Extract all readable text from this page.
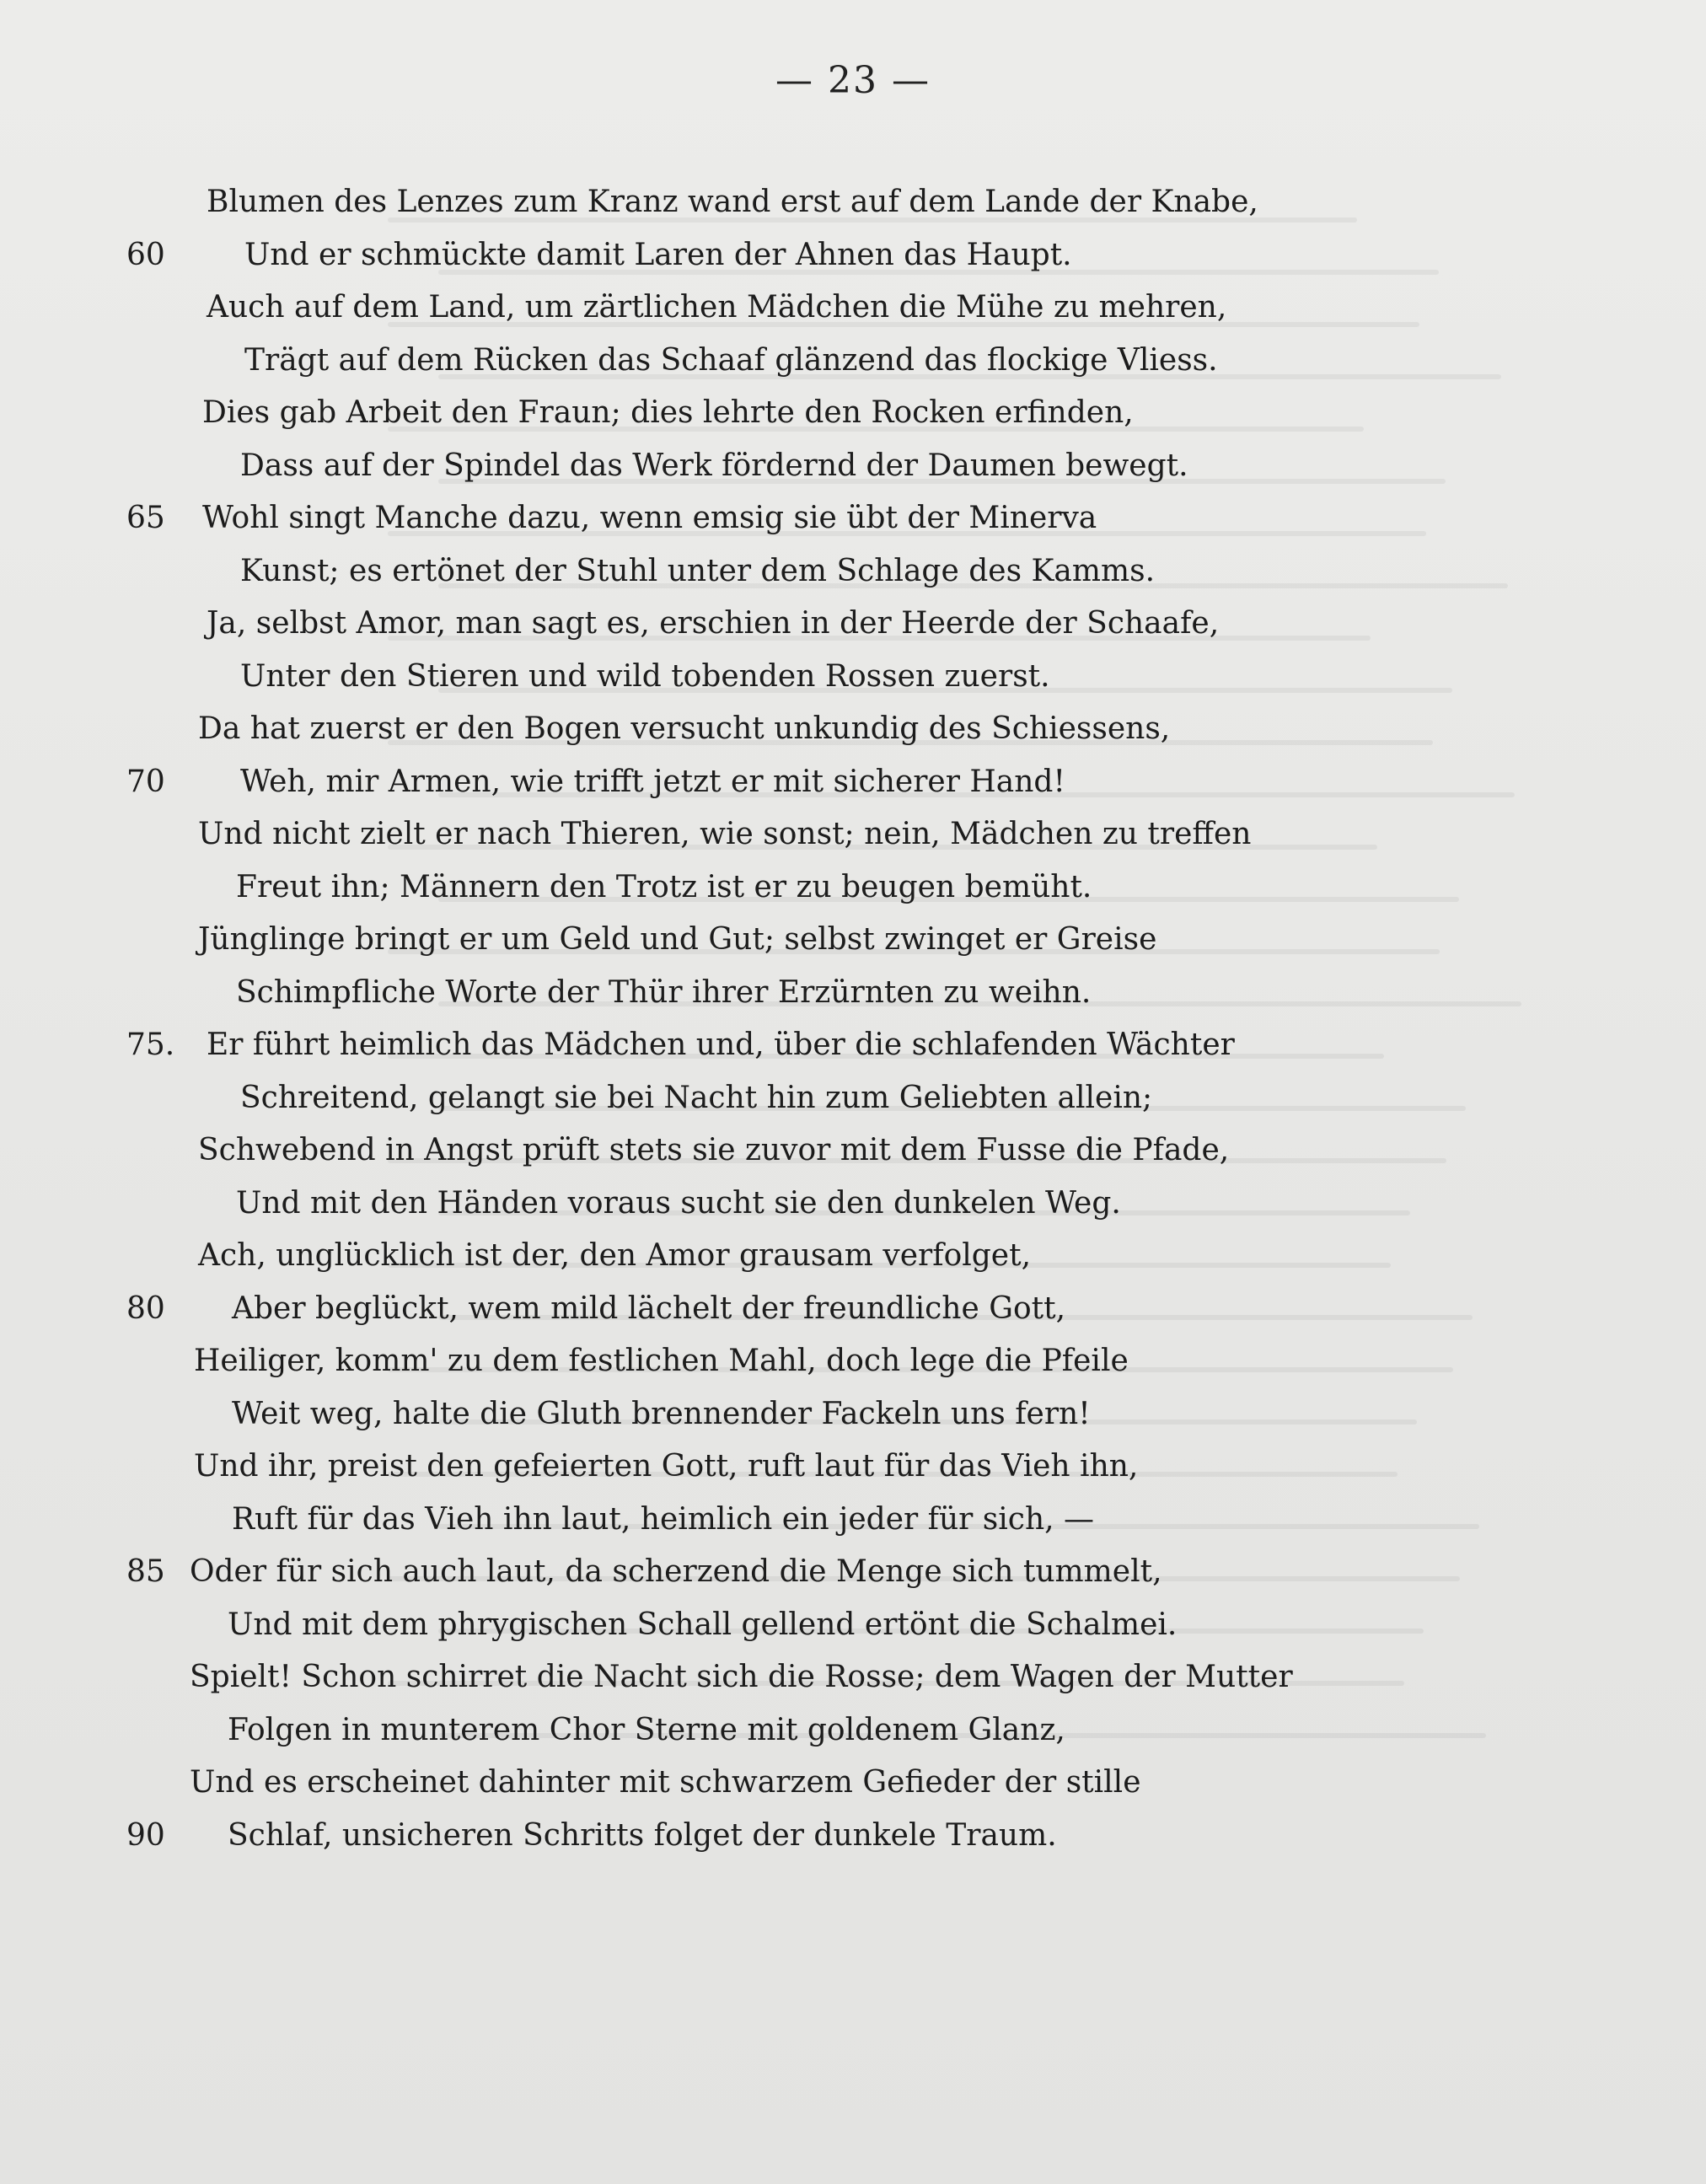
— 23 —
Blumen des Lenzes zum Kranz wand erst auf dem Lande der Knabe,
60	Und er schmückte damit Laren der Ahnen das Haupt.
Auch auf dem Land, um zärtlichen Mädchen die Mühe zu mehren,
Trägt auf dem Rücken das Schaaf glänzend das flockige Vliess.
Dies gab Arbeit den Fraun; dies lehrte den Rocken erfinden,
Dass auf der Spindel das Werk fördernd der Daumen bewegt.
65 Wohl singt Manche dazu, wenn emsig sie übt der Minerva
Kunst; es ertönet der Stuhl unter dem Schlage des Kamms.
Ja, selbst Amor, man sagt es, erschien in der Heerde der Schaafe,
Unter den Stieren und wild tobenden Rossen zuerst.
Da hat zuerst er den Bogen versucht unkundig des Schiessens,
70 Weh, mir Armen, wie trifft jetzt er mit sicherer Hand!
Und nicht zielt er nach Thieren, wie sonst; nein, Mädchen zu treffen
Freut ihn; Männern den Trotz ist er zu beugen bemüht.
Jünglinge bringt er um Geld und Gut; selbst zwinget er Greise
Schimpfliche Worte der Thür ihrer Erzürnten zu weihn.
75. Er führt heimlich das Mädchen und, über die schlafenden Wächter
Schreitend, gelangt sie bei Nacht hin zum Geliebten allein;
Schwebend in Angst prüft stets sie zuvor mit dem Fusse die Pfade,
Und mit den Händen voraus sucht sie den dunkelen Weg.
Ach, unglücklich ist der, den Amor grausam verfolget,
80 Aber beglückt, wem mild lächelt der freundliche Gott,
Heiliger, komm' zu dem festlichen Mahl, doch lege die Pfeile
Weit weg, halte die Gluth brennender Fackeln uns fern!
Und ihr, preist den gefeierten Gott, ruft laut für das Vieh ihn,
Ruft für das Vieh ihn laut, heimlich ein jeder für sich, —
85 Oder für sich auch laut, da scherzend die Menge sich tummelt,
Und mit dem phrygischen Schall gellend ertönt die Schalmei.
Spielt! Schon schirret die Nacht sich die Rosse; dem Wagen der Mutter
Folgen in munterem Chor Sterne mit goldenem Glanz,
Und es erscheinet dahinter mit schwarzem Gefieder der stille
90 Schlaf, unsicheren Schritts folget der dunkele Traum.
